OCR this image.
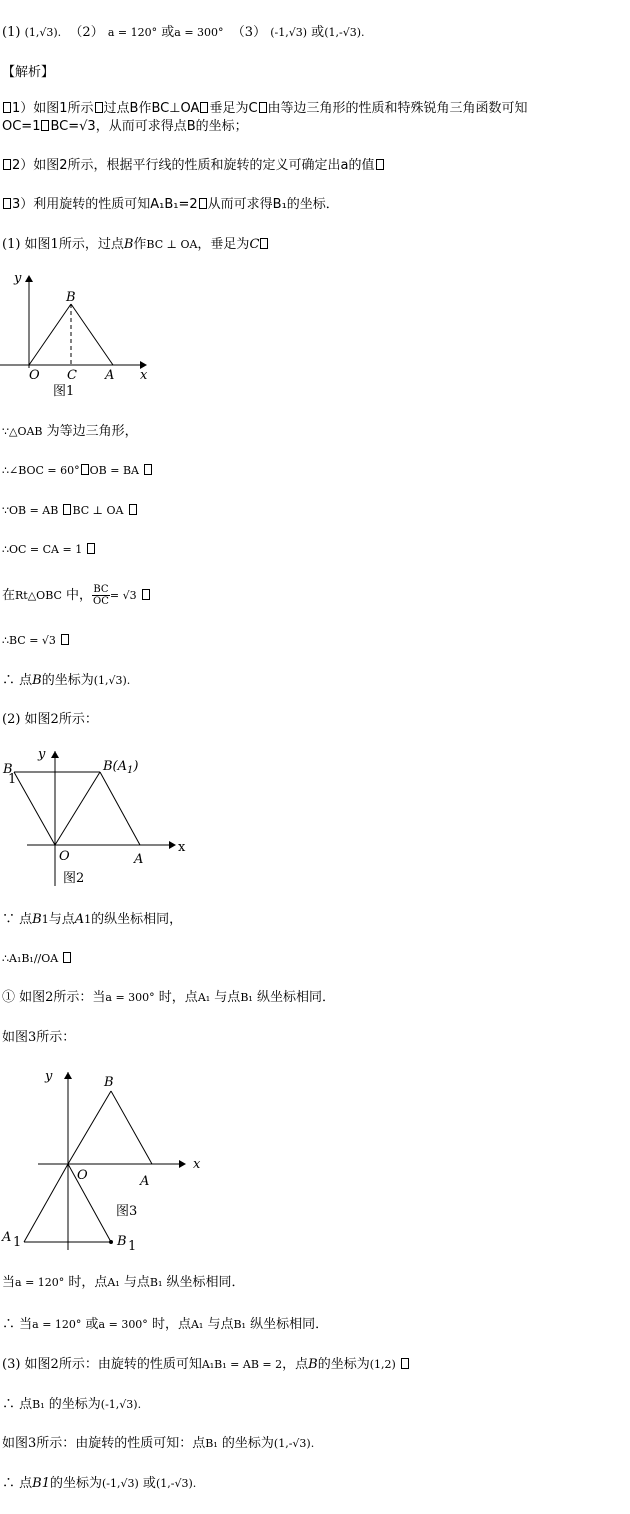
(1) (1,√3). （2） a = 120° 或a = 300° （3） (-1,√3) 或(1,-√3).
【解析】
1）如图1所示 过点B作BC⊥OA 垂足为C 由等边三角形的性质和特殊锐角三角函数可知
OC=1 BC=√3，从而可求得点B的坐标；
2）如图2所示，根据平行线的性质和旋转的定义可确定出a的值
3）利用旋转的性质可知A₁B₁=2 从而可求得B₁的坐标．
(1) 如图1所示，过点B作BC ⊥ OA，垂足为C
y
B
O C A x
图1
∵△OAB 为等边三角形，
∴∠BOC = 60° OB = BA
∵OB = AB BC ⊥ OA
∴OC = CA = 1
在Rt△OBC 中， $\frac{BC}{OC} = √3$
∴BC = √3
∴ 点B的坐标为(1,√3).
(2) 如图2所示：
y
B
1
$B(A_1)$
O	A
x
图2
∵ 点B1与点A1的纵坐标相同，
∴A₁B₁//OA
① 如图2所示：当a = 300° 时，点A₁ 与点B₁ 纵坐标相同．
如图3所示：
y	B
O	A
x
图3
A 1	B 1
当a = 120° 时，点A₁ 与点B₁ 纵坐标相同．
∴ 当a = 120° 或a = 300° 时，点A₁ 与点B₁ 纵坐标相同．
(3) 如图2所示：由旋转的性质可知A₁B₁ = AB = 2，点B的坐标为(1,2)
∴ 点B₁ 的坐标为(-1,√3).
如图3所示：由旋转的性质可知：点B₁ 的坐标为(1,-√3).
∴ 点B1的坐标为(-1,√3) 或(1,-√3).
